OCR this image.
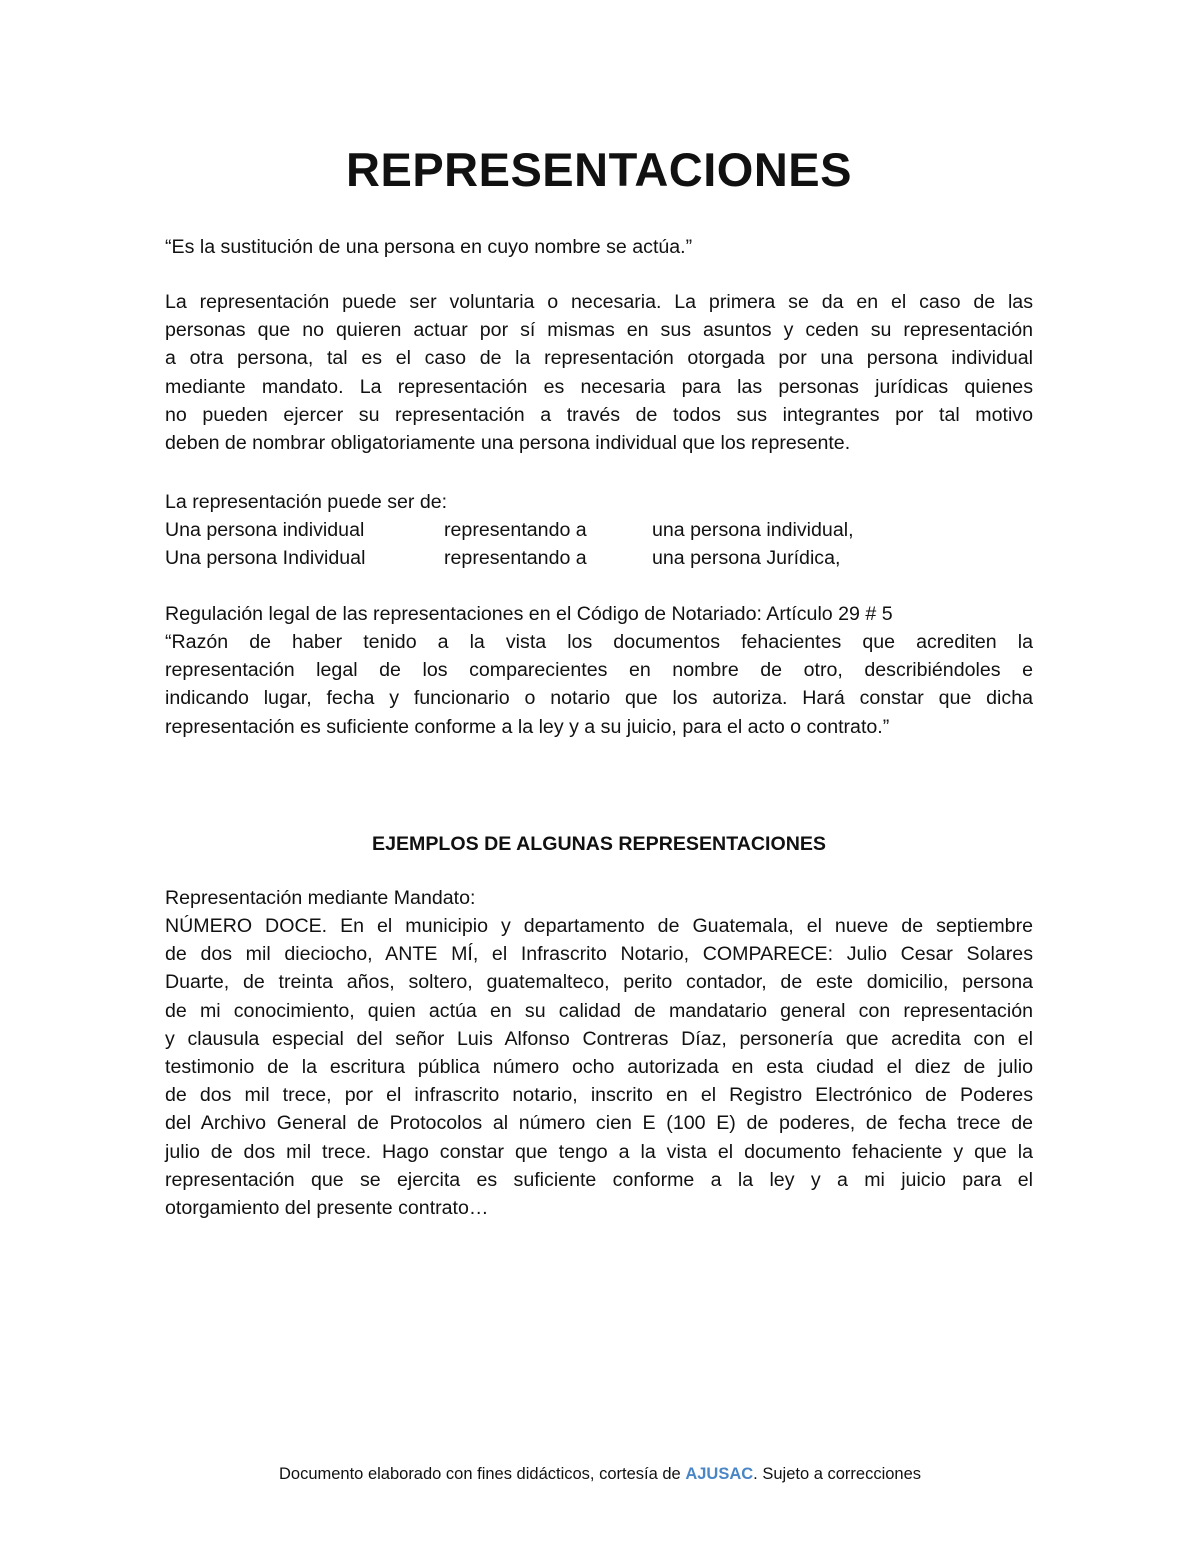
REPRESENTACIONES

“Es la sustitución de una persona en cuyo nombre se actúa.”

La representación puede ser voluntaria o necesaria. La primera se da en el caso de las
personas que no quieren actuar por sí mismas en sus asuntos y ceden su representación
a otra persona, tal es el caso de la representación otorgada por una persona individual
mediante mandato. La representación es necesaria para las personas jurídicas quienes
no pueden ejercer su representación a través de todos sus integrantes por tal motivo
deben de nombrar obligatoriamente una persona individual que los represente.

La representación puede ser de:

Una persona individual	representando a	una persona individual,
Una persona Individual	representando a	una persona Jurídica,

Regulación legal de las representaciones en el Código de Notariado: Artículo 29 # 5

“Razón de haber tenido a la vista los documentos fehacientes que acrediten la
representación legal de los comparecientes en nombre de otro, describiéndoles e
indicando lugar, fecha y funcionario o notario que los autoriza. Hará constar que dicha
representación es suficiente conforme a la ley y a su juicio, para el acto o contrato.”

EJEMPLOS DE ALGUNAS REPRESENTACIONES

Representación mediante Mandato:

NÚMERO DOCE. En el municipio y departamento de Guatemala, el nueve de septiembre
de dos mil dieciocho, ANTE MÍ, el Infrascrito Notario, COMPARECE: Julio Cesar Solares
Duarte, de treinta años, soltero, guatemalteco, perito contador, de este domicilio, persona
de mi conocimiento, quien actúa en su calidad de mandatario general con representación
y clausula especial del señor Luis Alfonso Contreras Díaz, personería que acredita con el
testimonio de la escritura pública número ocho autorizada en esta ciudad el diez de julio
de dos mil trece, por el infrascrito notario, inscrito en el Registro Electrónico de Poderes
del Archivo General de Protocolos al número cien E (100 E) de poderes, de fecha trece de
julio de dos mil trece. Hago constar que tengo a la vista el documento fehaciente y que la
representación que se ejercita es suficiente conforme a la ley y a mi juicio para el
otorgamiento del presente contrato…

Documento elaborado con fines didácticos, cortesía de AJUSAC. Sujeto a correcciones
